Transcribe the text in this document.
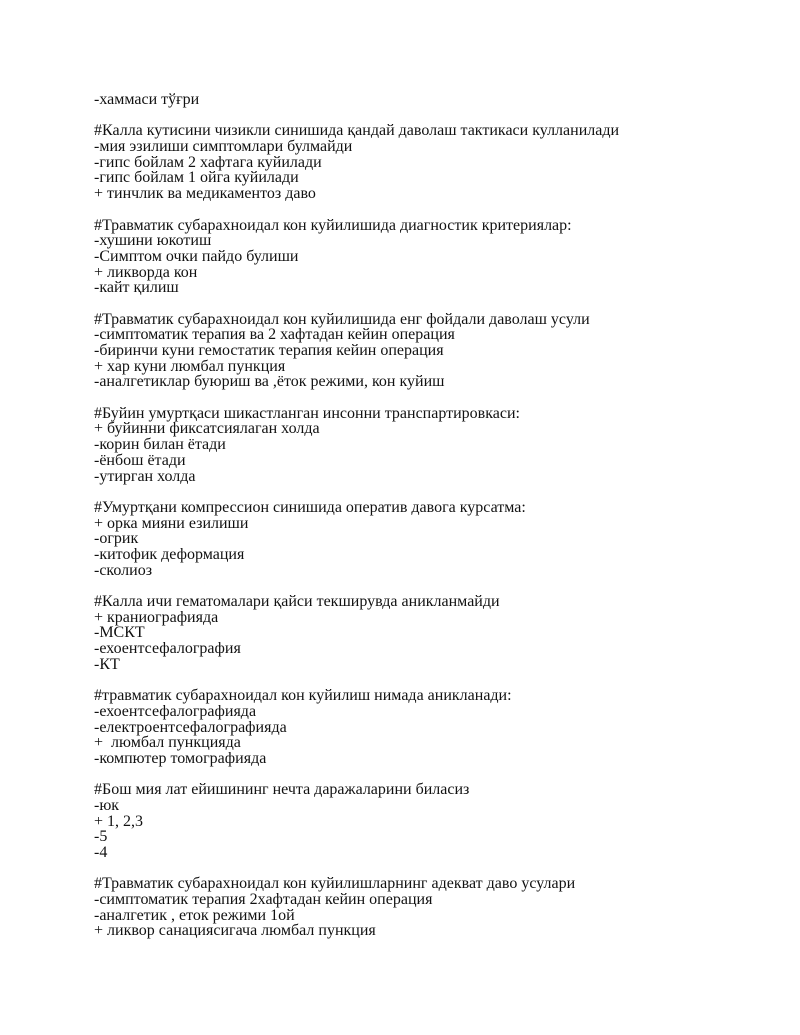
-хаммаси тўғри
#Калла кутисини чизикли синишида қандай даволаш тактикаси кулланилади
-мия эзилиши симптомлари булмайди
-гипс бойлам 2 хафтага куйилади
-гипс бойлам 1 ойга куйилади
+ тинчлик ва медикаментоз даво
#Травматик субарахноидал кон куйилишида диагностик критериялар:
-хушини юкотиш
-Симптом очки пайдо булиши
+ ликворда кон
-кайт қилиш
#Травматик субарахноидал кон куйилишида енг фойдали даволаш усули
-симптоматик терапия ва 2 хафтадан кейин операция
-биринчи куни гемостатик терапия кейин операция
+ хар куни люмбал пункция
-аналгетиклар буюриш ва ,ёток режими, кон куйиш
#Буйин умуртқаси шикастланган инсонни транспартировкаси:
+ буйинни фиксатсиялаган холда
-корин билан ётади
-ёнбош ётади
-утирган холда
#Умуртқани компрессион синишида оператив давога курсатма:
+ орка мияни езилиши
-огрик
-китофик деформация
-сколиоз
#Калла ичи гематомалари қайси текширувда аникланмайди
+ краниографияда
-МСКТ
-ехоентсефалография
-КТ
#травматик субарахноидал кон куйилиш нимада аникланади:
-ехоентсефалографияда
-електроентсефалографияда
+  люмбал пункцияда
-компютер томографияда
#Бош мия лат ейишининг нечта даражаларини биласиз
-юк
+ 1, 2,3
-5
-4
#Травматик субарахноидал кон куйилишларнинг адекват даво усулари
-симптоматик терапия 2хафтадан кейин операция
-аналгетик , еток режими 1ой
+ ликвор санациясигача люмбал пункция
